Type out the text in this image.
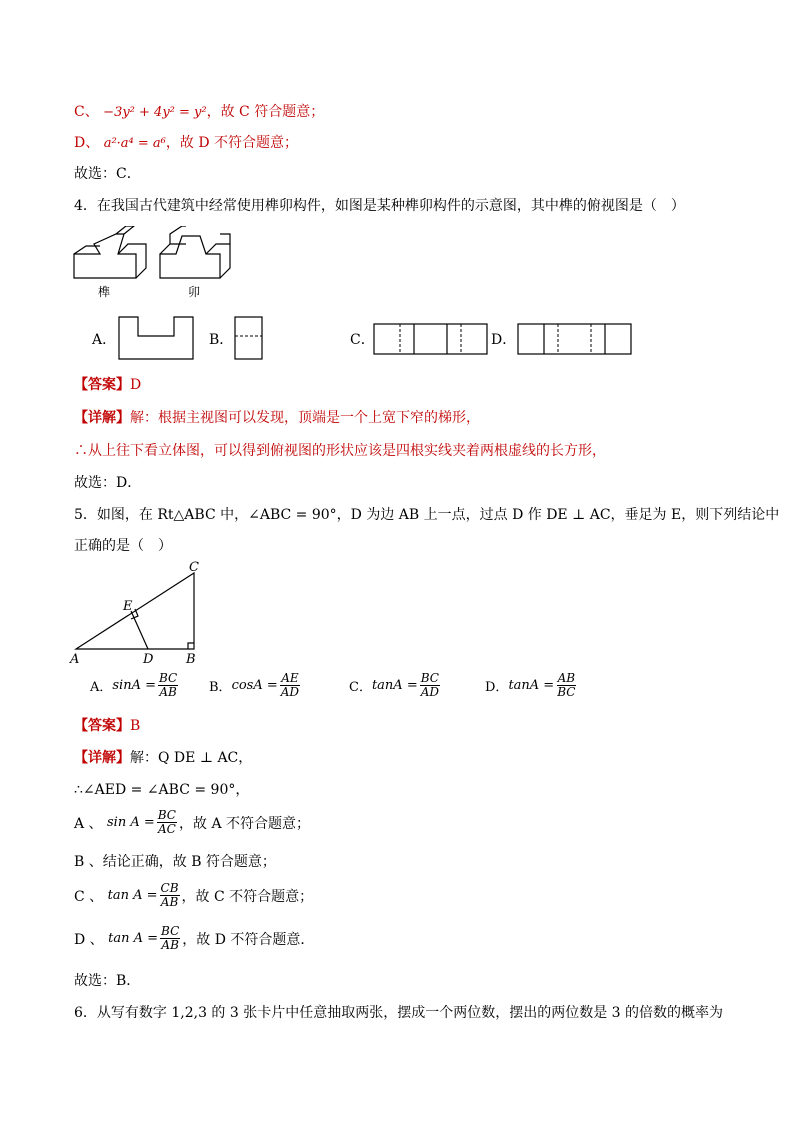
C、 −3y² + 4y² = y²，故 C 符合题意；
D、 a²·a⁴ = a⁶，故 D 不符合题意；
故选：C．
4．在我国古代建筑中经常使用榫卯构件，如图是某种榫卯构件的示意图，其中榫的俯视图是（　）
榫	卯
A．	B．	C．	D．
【答案】D
【详解】解：根据主视图可以发现，顶端是一个上宽下窄的梯形，
∴从上往下看立体图，可以得到俯视图的形状应该是四根实线夹着两根虚线的长方形，
故选：D．
5．如图，在 Rt△ABC 中，∠ABC = 90°，D 为边 AB 上一点，过点 D 作 DE ⊥ AC，垂足为 E，则下列结论中
正确的是（　）
A	D	B
C
E
A． $\sin A = \frac{BC}{AB}$ B． $\cos A = \frac{AE}{AD}$	C． $\tan A = \frac{BC}{AD}$	D． $\tan A = \frac{AB}{BC}$
【答案】B
【详解】解：Q DE ⊥ AC，
∴∠AED = ∠ABC = 90°，
A 、
$\sin A = \frac{BC}{AC}$ ，故 A 不符合题意；
B 、结论正确，故 B 符合题意；
C 、
$\tan A = \frac{CB}{AB}$ ，故 C 不符合题意；
D 、
$\tan A = \frac{BC}{AB}$ ，故 D 不符合题意．
故选：B．
6．从写有数字 1,2,3 的 3 张卡片中任意抽取两张，摆成一个两位数，摆出的两位数是 3 的倍数的概率为
